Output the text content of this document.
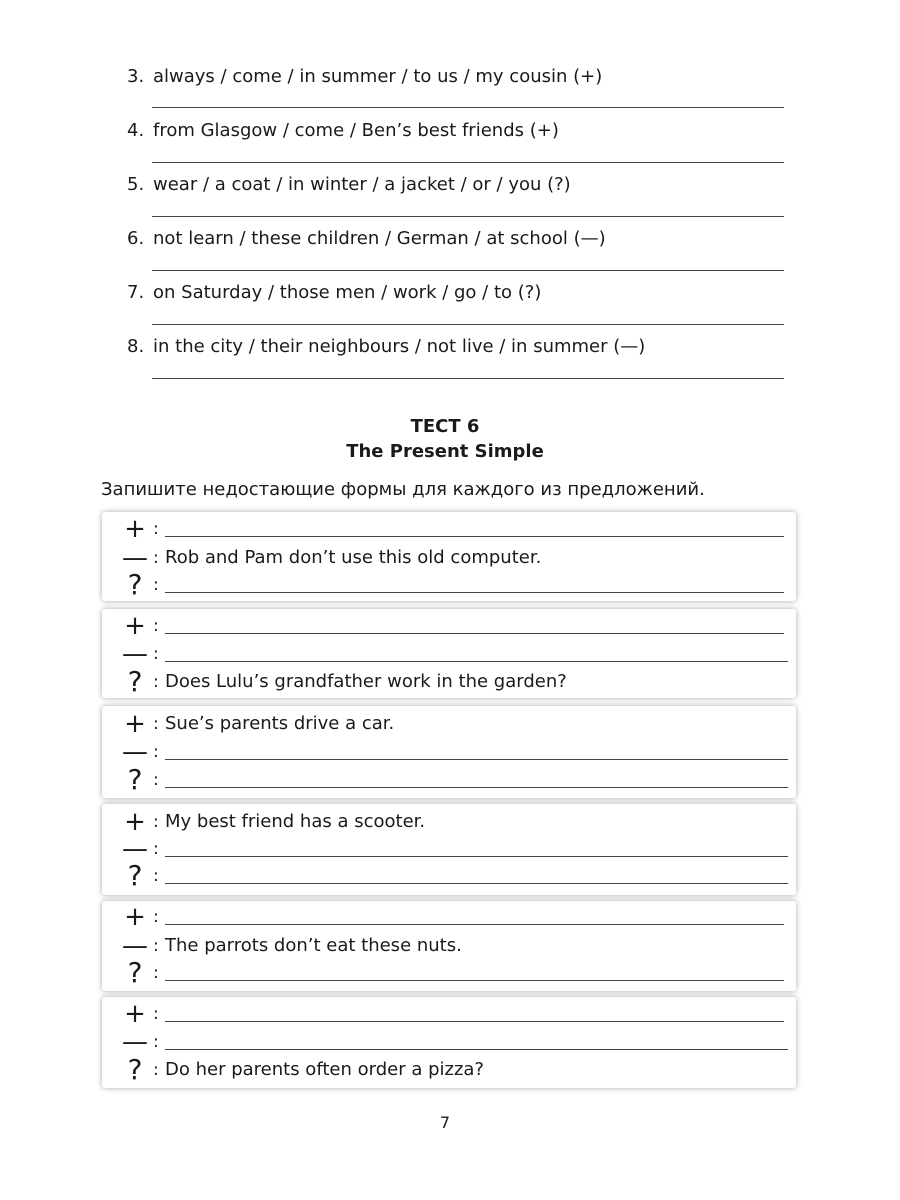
3. always / come / in summer / to us / my cousin (+)
4. from Glasgow / come / Ben’s best friends (+)
5. wear / a coat / in winter / a jacket / or / you (?)
6. not learn / these children / German / at school (—)
7. on Saturday / those men / work / go / to (?)
8. in the city / their neighbours / not live / in summer (—)
ТЕСТ 6
The Present Simple
Запишите недостающие формы для каждого из предложений.
+ :
— : Rob and Pam don’t use this old computer.
? :
+ :
— :
? : Does Lulu’s grandfather work in the garden?
+ : Sue’s parents drive a car.
— :
? :
+ : My best friend has a scooter.
— :
? :
+ :
— : The parrots don’t eat these nuts.
? :
+ :
— :
? : Do her parents often order a pizza?
7
